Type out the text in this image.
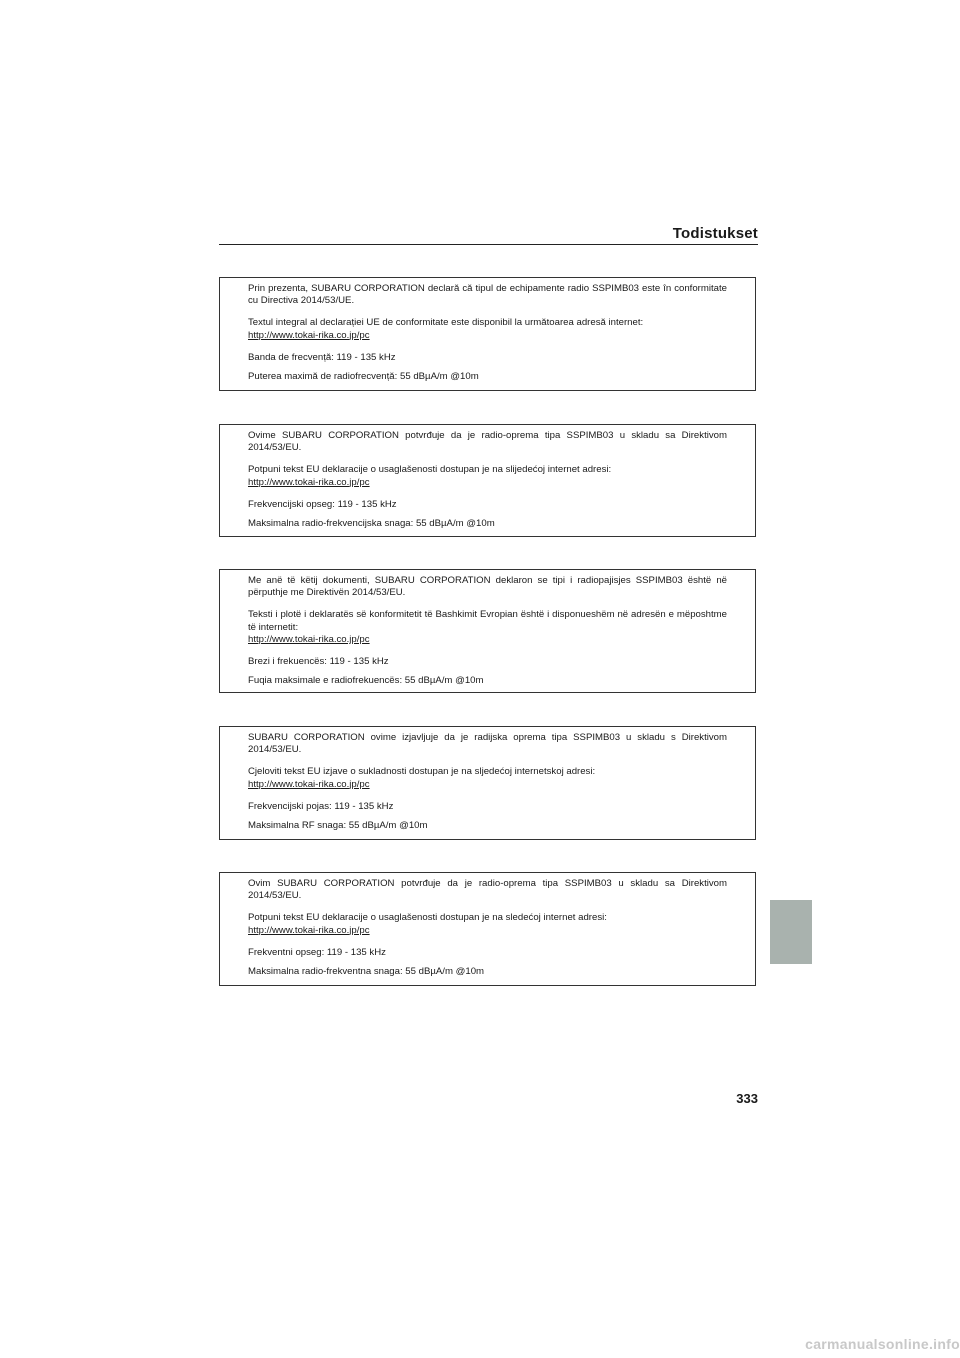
Todistukset

Prin prezenta, SUBARU CORPORATION declară că tipul de echipamente radio SSPIMB03 este în conformitate cu Directiva 2014/53/UE.

Textul integral al declarației UE de conformitate este disponibil la următoarea adresă internet:

http://www.tokai-rika.co.jp/pc

Banda de frecvență: 119 - 135 kHz

Puterea maximă de radiofrecvență: 55 dBµA/m @10m

Ovime SUBARU CORPORATION potvrđuje da je radio-oprema tipa SSPIMB03 u skladu sa Direktivom 2014/53/EU.

Potpuni tekst EU deklaracije o usaglašenosti dostupan je na slijedećoj internet adresi:

http://www.tokai-rika.co.jp/pc

Frekvencijski opseg: 119 - 135 kHz

Maksimalna radio-frekvencijska snaga: 55 dBµA/m @10m

Me anë të këtij dokumenti, SUBARU CORPORATION deklaron se tipi i radiopajisjes SSPIMB03 është në përputhje me Direktivën 2014/53/EU.

Teksti i plotë i deklaratës së konformitetit të Bashkimit Evropian është i disponueshëm në adresën e mëposhtme të internetit:

http://www.tokai-rika.co.jp/pc

Brezi i frekuencës: 119 - 135 kHz

Fuqia maksimale e radiofrekuencës: 55 dBµA/m @10m

SUBARU CORPORATION ovime izjavljuje da je radijska oprema tipa SSPIMB03 u skladu s Direktivom 2014/53/EU.

Cjeloviti tekst EU izjave o sukladnosti dostupan je na sljedećoj internetskoj adresi:

http://www.tokai-rika.co.jp/pc

Frekvencijski pojas: 119 - 135 kHz

Maksimalna RF snaga: 55 dBµA/m @10m

Ovim SUBARU CORPORATION potvrđuje da je radio-oprema tipa SSPIMB03 u skladu sa Direktivom 2014/53/EU.

Potpuni tekst EU deklaracije o usaglašenosti dostupan je na sledećoj internet adresi:

http://www.tokai-rika.co.jp/pc

Frekventni opseg: 119 - 135 kHz

Maksimalna radio-frekventna snaga: 55 dBµA/m @10m

333
carmanualsonline.info
